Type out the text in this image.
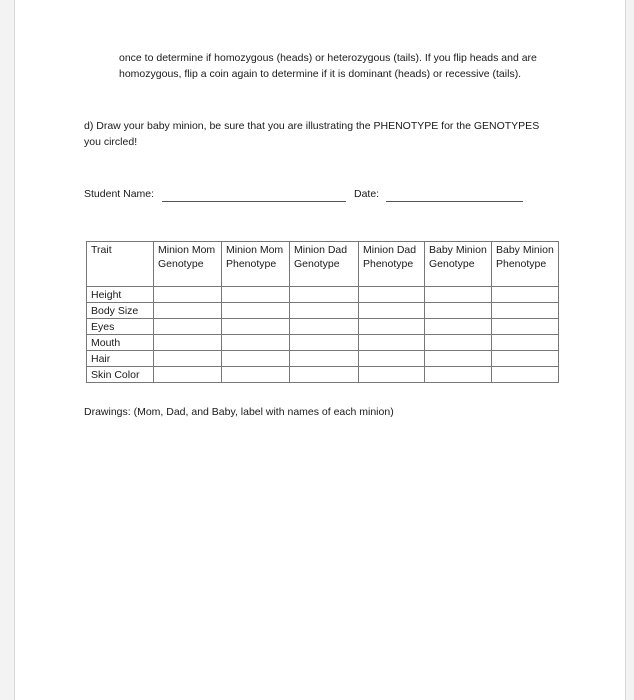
once to determine if homozygous (heads) or heterozygous (tails). If you flip heads and are homozygous, flip a coin again to determine if it is dominant (heads) or recessive (tails).
d) Draw your baby minion, be sure that you are illustrating the PHENOTYPE for the GENOTYPES you circled!
Student Name:	Date:
Trait	Minion Mom Genotype	Minion Mom Phenotype	Minion Dad Genotype	Minion Dad Phenotype	Baby Minion Genotype	Baby Minion Phenotype
Height						
Body Size						
Eyes						
Mouth						
Hair						
Skin Color						
Drawings: (Mom, Dad, and Baby, label with names of each minion)
